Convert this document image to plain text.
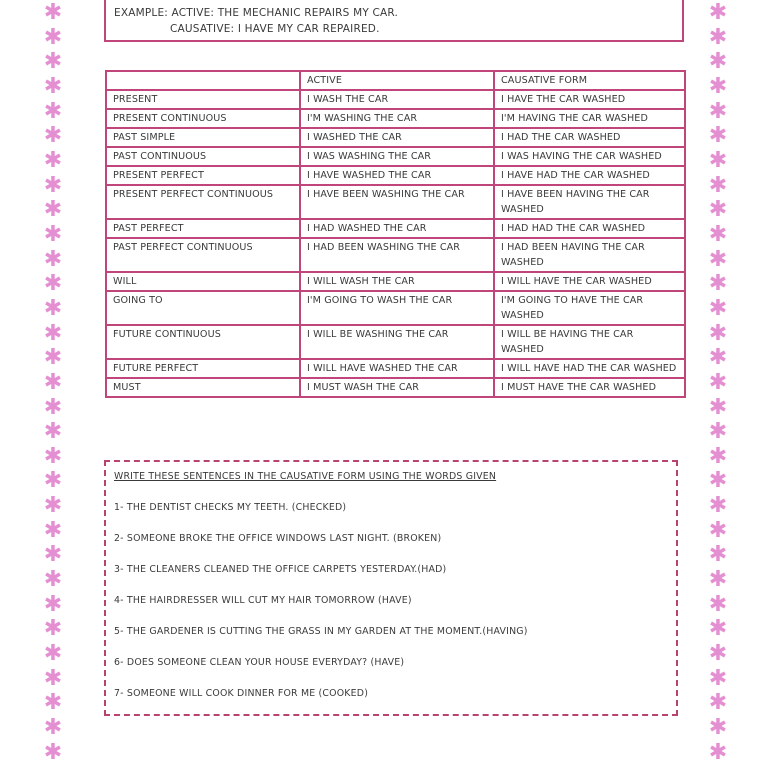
✱
✱
✱
✱
✱
✱
✱
✱
✱
✱
✱
✱
✱
✱
✱
✱
✱
✱
✱
✱
✱
✱
✱
✱
✱
✱
✱
✱
✱
✱
✱
✱
✱
✱
✱
✱
✱
✱
✱
✱
✱
✱
✱
✱
✱
✱
✱
✱
✱
✱
✱
✱
✱
✱
✱
✱
✱
✱
✱
✱
✱
✱
EXAMPLE: ACTIVE: THE MECHANIC REPAIRS MY CAR.
CAUSATIVE: I HAVE MY CAR REPAIRED.
	ACTIVE	CAUSATIVE FORM
PRESENT	I WASH THE CAR	I HAVE THE CAR WASHED
PRESENT CONTINUOUS	I'M WASHING THE CAR	I'M HAVING THE CAR WASHED
PAST SIMPLE	I WASHED THE CAR	I HAD THE CAR WASHED
PAST CONTINUOUS	I WAS WASHING THE CAR	I WAS HAVING THE CAR WASHED
PRESENT PERFECT	I HAVE WASHED THE CAR	I HAVE HAD THE CAR WASHED
PRESENT PERFECT CONTINUOUS	I HAVE BEEN WASHING THE CAR	I HAVE BEEN HAVING THE CAR WASHED
PAST PERFECT	I HAD WASHED THE CAR	I HAD HAD THE CAR WASHED
PAST PERFECT CONTINUOUS	I HAD BEEN WASHING THE CAR	I HAD BEEN HAVING THE CAR WASHED
WILL	I WILL WASH THE CAR	I WILL HAVE THE CAR WASHED
GOING TO	I'M GOING TO WASH THE CAR	I'M GOING TO HAVE THE CAR WASHED
FUTURE CONTINUOUS	I WILL BE WASHING THE CAR	I WILL BE HAVING THE CAR WASHED
FUTURE PERFECT	I WILL HAVE WASHED THE CAR	I WILL HAVE HAD THE CAR WASHED
MUST	I MUST WASH THE CAR	I MUST HAVE THE CAR WASHED
WRITE THESE SENTENCES IN THE CAUSATIVE FORM USING THE WORDS GIVEN
1- THE DENTIST CHECKS MY TEETH. (CHECKED)
2- SOMEONE BROKE THE OFFICE WINDOWS LAST NIGHT. (BROKEN)
3- THE CLEANERS CLEANED THE OFFICE CARPETS YESTERDAY.(HAD)
4- THE HAIRDRESSER WILL CUT MY HAIR TOMORROW (HAVE)
5- THE GARDENER IS CUTTING THE GRASS IN MY GARDEN AT THE MOMENT.(HAVING)
6- DOES SOMEONE CLEAN YOUR HOUSE EVERYDAY? (HAVE)
7- SOMEONE WILL COOK DINNER FOR ME (COOKED)
